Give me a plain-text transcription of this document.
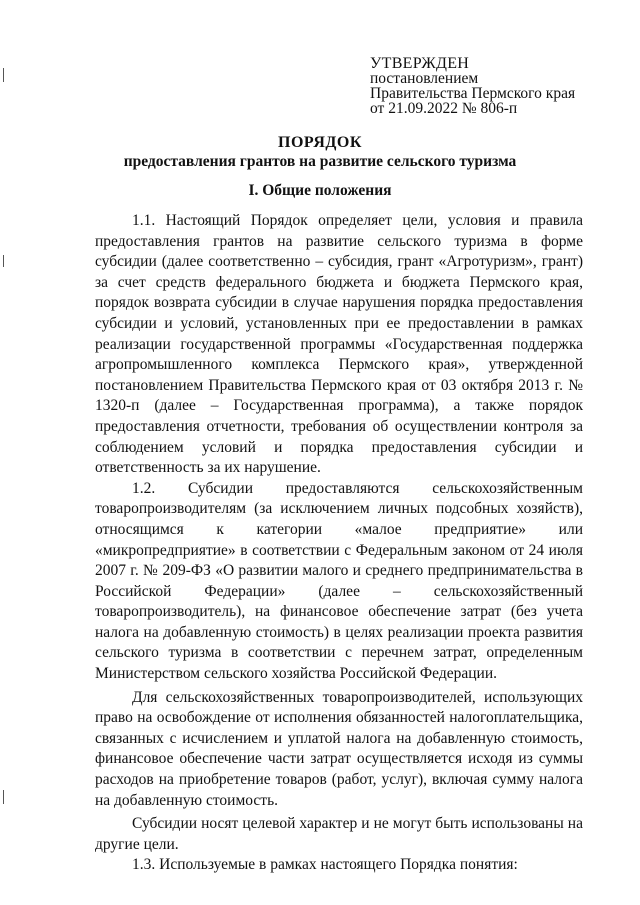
УТВЕРЖДЕН
постановлением
Правительства Пермского края
от 21.09.2022 № 806-п
ПОРЯДОК
предоставления грантов на развитие сельского туризма
I. Общие положения

1.1. Настоящий Порядок определяет цели, условия и правила предоставления грантов на развитие сельского туризма в форме субсидии (далее соответственно – субсидия, грант «Агротуризм», грант) за счет средств федерального бюджета и бюджета Пермского края, порядок возврата субсидии в случае нарушения порядка предоставления субсидии и условий, установленных при ее предоставлении в рамках реализации государственной программы «Государственная поддержка агропромышленного комплекса Пермского края», утвержденной постановлением Правительства Пермского края от 03 октября 2013 г. № 1320-п (далее – Государственная программа), а также порядок предоставления отчетности, требования об осуществлении контроля за соблюдением условий и порядка предоставления субсидии и ответственность за их нарушение.

1.2. Субсидии предоставляются сельскохозяйственным товаропроизводителям (за исключением личных подсобных хозяйств), относящимся к категории «малое предприятие» или «микропредприятие» в соответствии с Федеральным законом от 24 июля 2007 г. № 209-ФЗ «О развитии малого и среднего предпринимательства в Российской Федерации» (далее – сельскохозяйственный товаропроизводитель), на финансовое обеспечение затрат (без учета налога на добавленную стоимость) в целях реализации проекта развития сельского туризма в соответствии с перечнем затрат, определенным Министерством сельского хозяйства Российской Федерации.

Для сельскохозяйственных товаропроизводителей, использующих право на освобождение от исполнения обязанностей налогоплательщика, связанных с исчислением и уплатой налога на добавленную стоимость, финансовое обеспечение части затрат осуществляется исходя из суммы расходов на приобретение товаров (работ, услуг), включая сумму налога на добавленную стоимость.

Субсидии носят целевой характер и не могут быть использованы на другие цели.

1.3. Используемые в рамках настоящего Порядка понятия:
